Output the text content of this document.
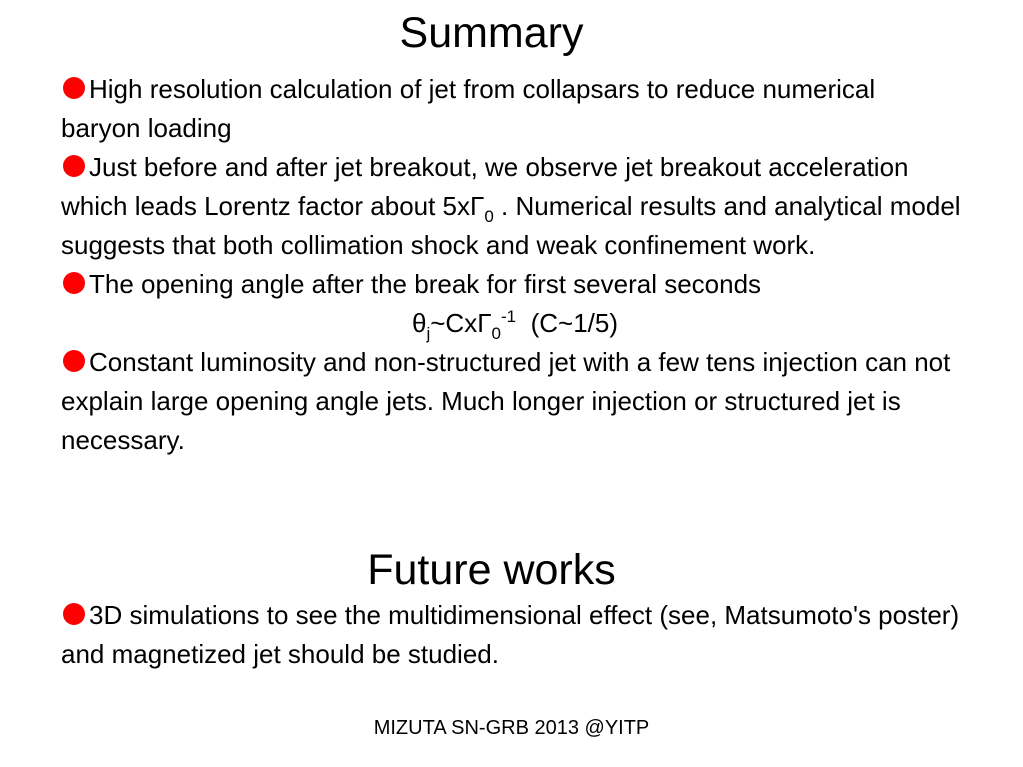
Summary

High resolution calculation of jet from collapsars to reduce numerical baryon loading

Just before and after jet breakout, we observe jet breakout acceleration which leads Lorentz factor about $5x\Gamma_0$ . Numerical results and analytical model suggests that both collimation shock and weak confinement work.

The opening angle after the break for first several seconds

$\theta_j\sim Cx\Gamma_0^{-1}$  (C~1/5)

Constant luminosity and non-structured jet with a few tens injection can not explain large opening angle jets. Much longer injection or structured jet is necessary.

Future works

3D simulations to see the multidimensional effect (see, Matsumoto's poster) and magnetized jet should be studied.

MIZUTA SN-GRB 2013 @YITP
